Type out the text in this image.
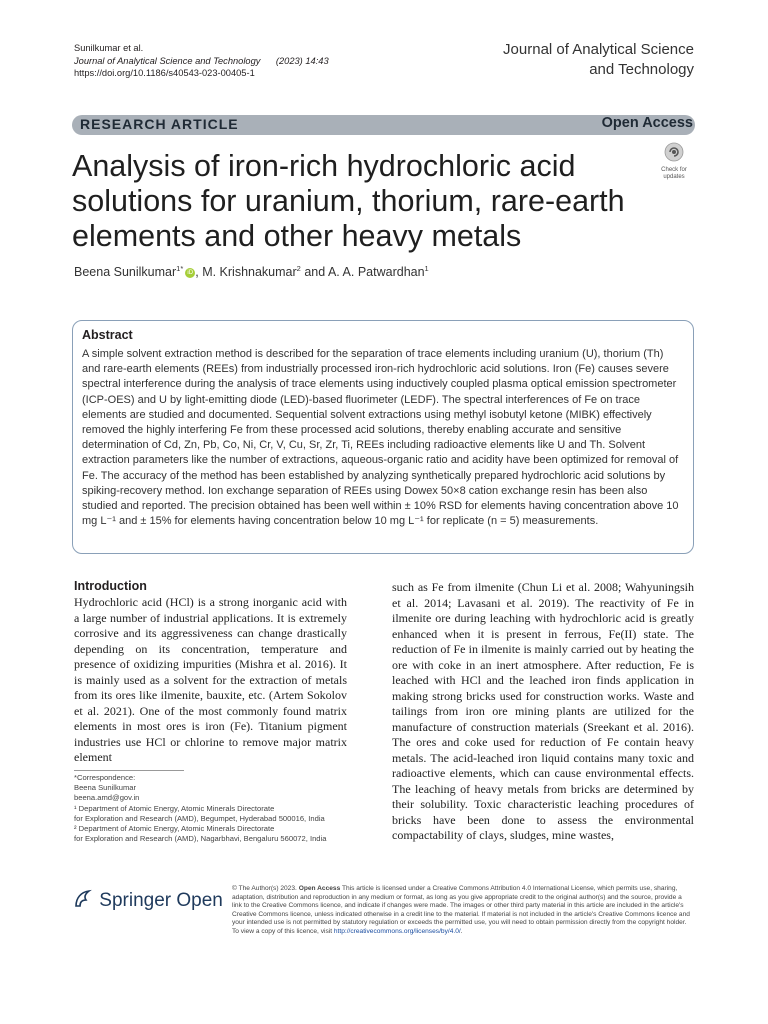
Sunilkumar et al.
Journal of Analytical Science and Technology (2023) 14:43
https://doi.org/10.1186/s40543-023-00405-1
Journal of Analytical Science
and Technology
RESEARCH ARTICLE	Open Access
Analysis of iron-rich hydrochloric acid solutions for uranium, thorium, rare-earth elements and other heavy metals
Check for
updates
Beena Sunilkumar$^{1*}$ iD , M. Krishnakumar$^2$ and A. A. Patwardhan$^1$
Abstract
A simple solvent extraction method is described for the separation of trace elements including uranium (U), thorium (Th) and rare-earth elements (REEs) from industrially processed iron-rich hydrochloric acid solutions. Iron (Fe) causes severe spectral interference during the analysis of trace elements using inductively coupled plasma optical emission spectrometer (ICP-OES) and U by light-emitting diode (LED)-based fluorimeter (LEDF). The spectral interferences of Fe on trace elements are studied and documented. Sequential solvent extractions using methyl isobutyl ketone (MIBK) effectively removed the highly interfering Fe from these processed acid solutions, thereby enabling accurate and sensitive determination of Cd, Zn, Pb, Co, Ni, Cr, V, Cu, Sr, Zr, Ti, REEs including radioactive elements like U and Th. Solvent extraction parameters like the number of extractions, aqueous-organic ratio and acidity have been optimized for removal of Fe. The accuracy of the method has been established by analyzing synthetically prepared hydrochloric acid solutions by spiking-recovery method. Ion exchange separation of REEs using Dowex 50×8 cation exchange resin has been also studied and reported. The precision obtained has been well within ± 10% RSD for elements having concentration above 10 mg L⁻¹ and ± 15% for elements having concentration below 10 mg L⁻¹ for replicate (n = 5) measurements.
Introduction
Hydrochloric acid (HCl) is a strong inorganic acid with a large number of industrial applications. It is extremely corrosive and its aggressiveness can change drastically depending on its concentration, temperature and presence of oxidizing impurities (Mishra et al. 2016). It is mainly used as a solvent for the extraction of metals from its ores like ilmenite, bauxite, etc. (Artem Sokolov et al. 2021). One of the most commonly found matrix elements in most ores is iron (Fe). Titanium pigment industries use HCl or chlorine to remove major matrix element
such as Fe from ilmenite (Chun Li et al. 2008; Wahyuningsih et al. 2014; Lavasani et al. 2019). The reactivity of Fe in ilmenite ore during leaching with hydrochloric acid is greatly enhanced when it is present in ferrous, Fe(II) state. The reduction of Fe in ilmenite is mainly carried out by heating the ore with coke in an inert atmosphere. After reduction, Fe is leached with HCl and the leached iron finds application in making strong bricks used for construction works. Waste and tailings from iron ore mining plants are utilized for the manufacture of construction materials (Sreekant et al. 2016). The ores and coke used for reduction of Fe contain heavy metals. The acid-leached iron liquid contains many toxic and radioactive elements, which can cause environmental effects. The leaching of heavy metals from bricks are determined by their solubility. Toxic characteristic leaching procedures of bricks have been done to assess the environmental compactability of clays, sludges, mine wastes,
*Correspondence:
Beena Sunilkumar
beena.amd@gov.in
¹ Department of Atomic Energy, Atomic Minerals Directorate
for Exploration and Research (AMD), Begumpet, Hyderabad 500016, India
² Department of Atomic Energy, Atomic Minerals Directorate
for Exploration and Research (AMD), Nagarbhavi, Bengaluru 560072, India
Springer Open
© The Author(s) 2023. Open Access This article is licensed under a Creative Commons Attribution 4.0 International License, which permits use, sharing, adaptation, distribution and reproduction in any medium or format, as long as you give appropriate credit to the original author(s) and the source, provide a link to the Creative Commons licence, and indicate if changes were made. The images or other third party material in this article are included in the article's Creative Commons licence, unless indicated otherwise in a credit line to the material. If material is not included in the article's Creative Commons licence and your intended use is not permitted by statutory regulation or exceeds the permitted use, you will need to obtain permission directly from the copyright holder. To view a copy of this licence, visit http://creativecommons.org/licenses/by/4.0/.
